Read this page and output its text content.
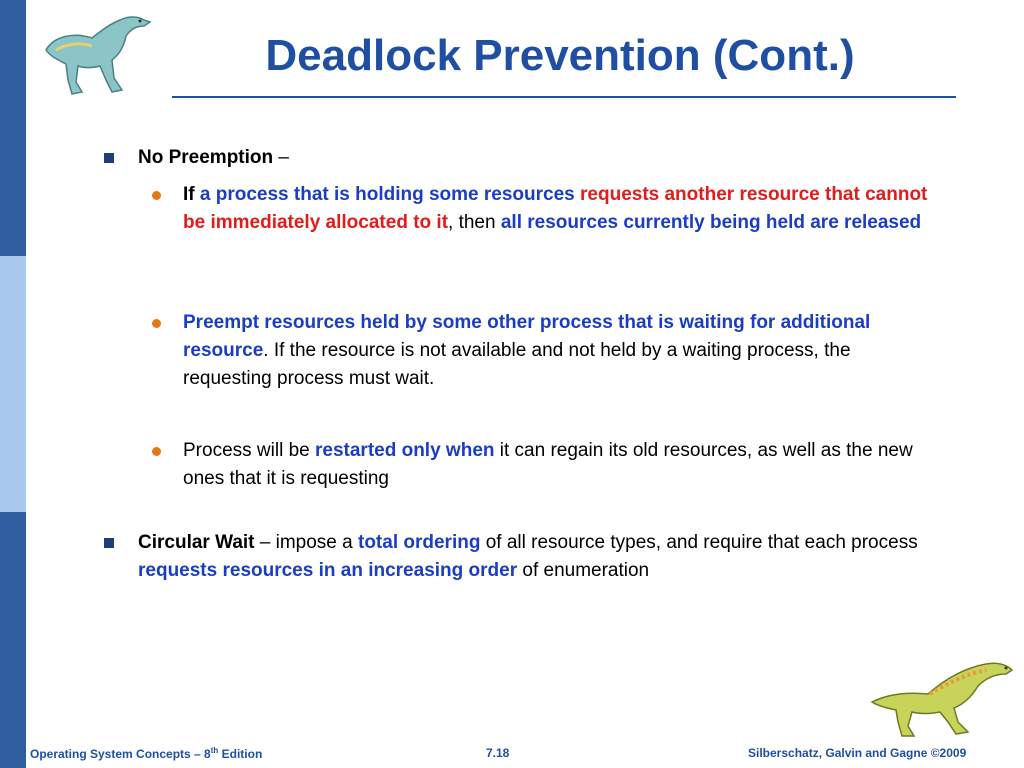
Deadlock Prevention (Cont.)
No Preemption –
If a process that is holding some resources requests another resource that cannot be immediately allocated to it, then all resources currently being held are released
Preempt resources held by some other process that is waiting for additional resource. If the resource is not available and not held by a waiting process, the requesting process must wait.
Process will be restarted only when it can regain its old resources, as well as the new ones that it is requesting
Circular Wait – impose a total ordering of all resource types, and require that each process requests resources in an increasing order of enumeration
Operating System Concepts – 8th Edition	7.18	Silberschatz, Galvin and Gagne ©2009
